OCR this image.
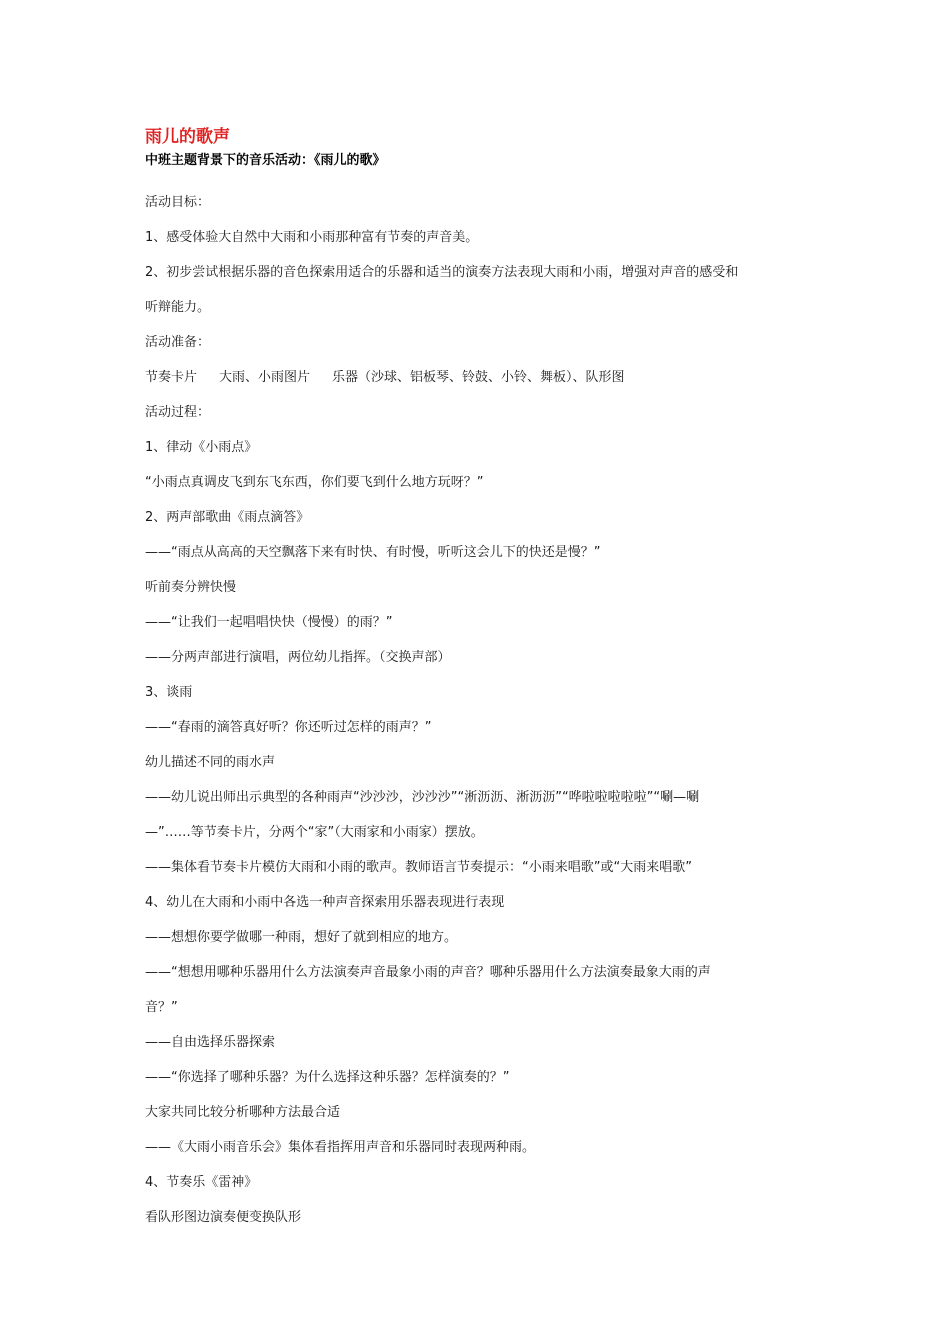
雨儿的歌声
中班主题背景下的音乐活动：《雨儿的歌》
活动目标：
1、感受体验大自然中大雨和小雨那种富有节奏的声音美。
2、初步尝试根据乐器的音色探索用适合的乐器和适当的演奏方法表现大雨和小雨，增强对声音的感受和
听辩能力。
活动准备：
节奏卡片 大雨、小雨图片 乐器（沙球、铝板琴、铃鼓、小铃、舞板）、队形图
活动过程：
1、律动《小雨点》
“小雨点真调皮飞到东飞东西，你们要飞到什么地方玩呀？”
2、两声部歌曲《雨点滴答》
——“雨点从高高的天空飘落下来有时快、有时慢，听听这会儿下的快还是慢？”
听前奏分辨快慢
——“让我们一起唱唱快快（慢慢）的雨？”
——分两声部进行演唱，两位幼儿指挥。（交换声部）
3、谈雨
——“春雨的滴答真好听？你还听过怎样的雨声？”
幼儿描述不同的雨水声
——幼儿说出师出示典型的各种雨声“沙沙沙，沙沙沙”“淅沥沥、淅沥沥”“哗啦啦啦啦啦”“唰—唰
—”……等节奏卡片，分两个“家”（大雨家和小雨家）摆放。
——集体看节奏卡片模仿大雨和小雨的歌声。教师语言节奏提示：“小雨来唱歌”或“大雨来唱歌”
4、幼儿在大雨和小雨中各选一种声音探索用乐器表现进行表现
——想想你要学做哪一种雨，想好了就到相应的地方。
——“想想用哪种乐器用什么方法演奏声音最象小雨的声音？哪种乐器用什么方法演奏最象大雨的声
音？”
——自由选择乐器探索
——“你选择了哪种乐器？为什么选择这种乐器？怎样演奏的？”
大家共同比较分析哪种方法最合适
——《大雨小雨音乐会》集体看指挥用声音和乐器同时表现两种雨。
4、节奏乐《雷神》
看队形图边演奏便变换队形
